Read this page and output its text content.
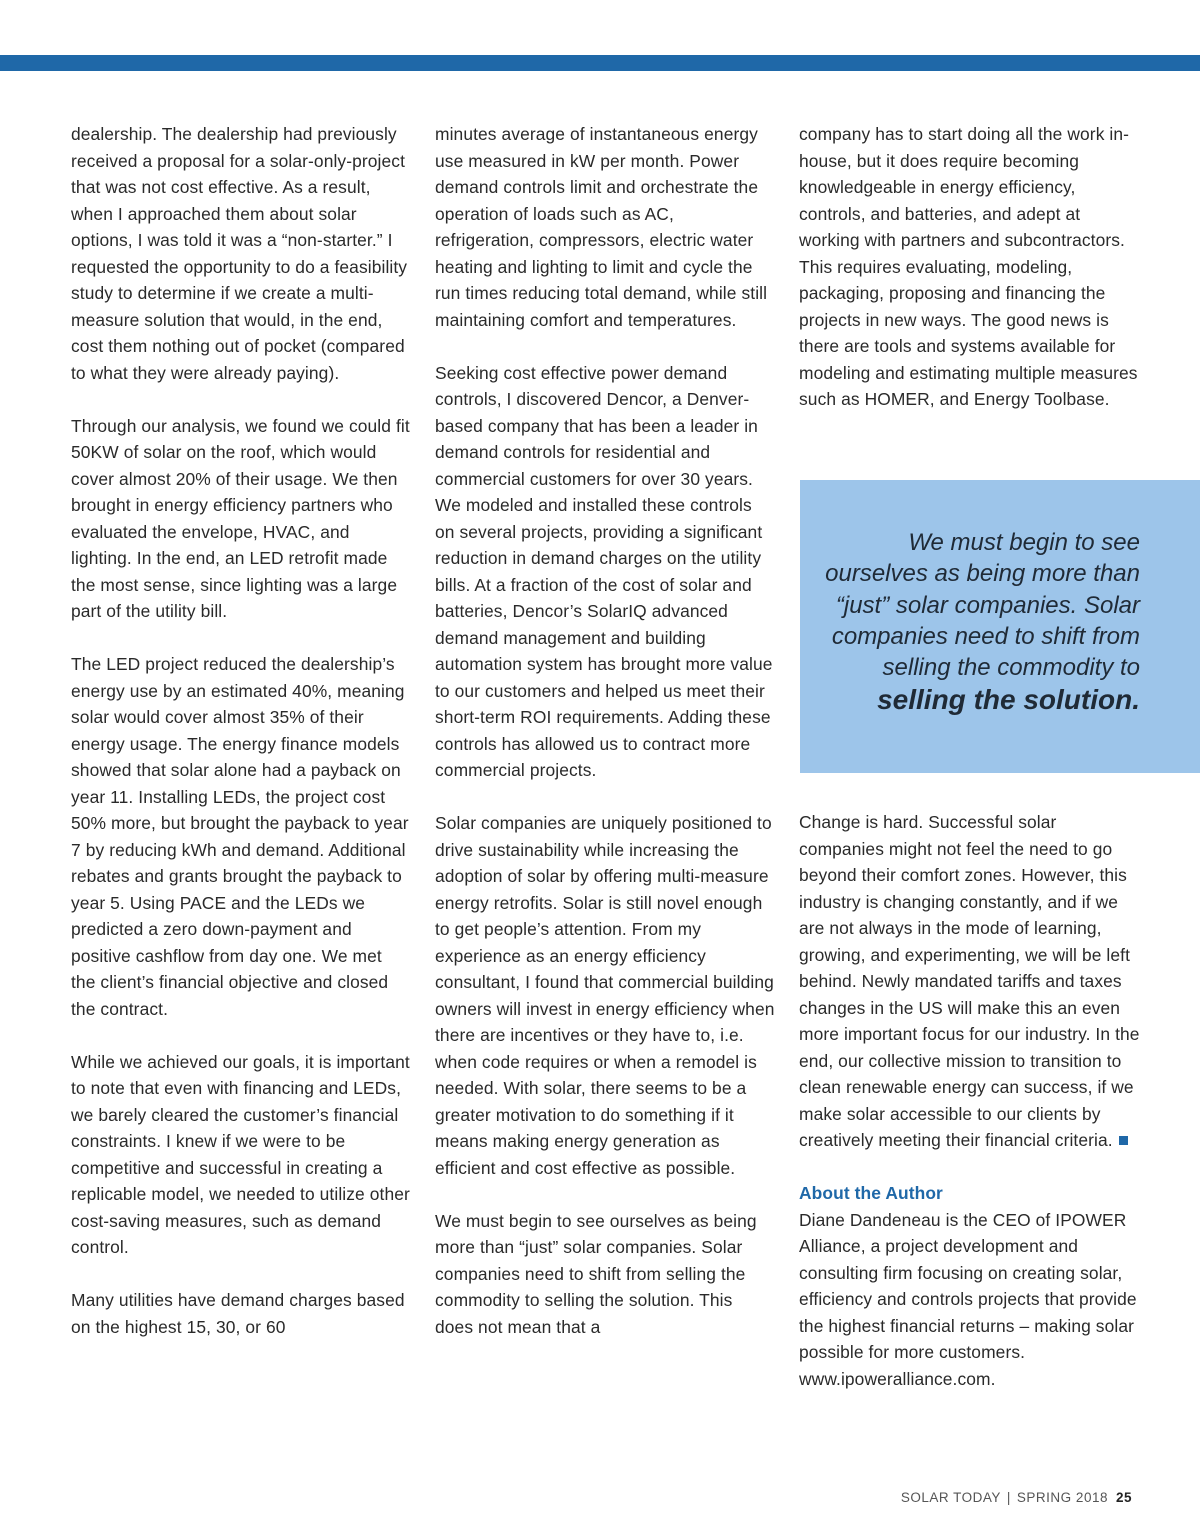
dealership. The dealership had previously received a proposal for a solar-only-project that was not cost effective. As a result, when I approached them about solar options, I was told it was a “non-starter.” I requested the opportunity to do a feasibility study to determine if we create a multi-measure solution that would, in the end, cost them nothing out of pocket (compared to what they were already paying).

Through our analysis, we found we could fit 50KW of solar on the roof, which would cover almost 20% of their usage. We then brought in energy efficiency partners who evaluated the envelope, HVAC, and lighting. In the end, an LED retrofit made the most sense, since lighting was a large part of the utility bill.

The LED project reduced the dealership’s energy use by an estimated 40%, meaning solar would cover almost 35% of their energy usage. The energy finance models showed that solar alone had a payback on year 11. Installing LEDs, the project cost 50% more, but brought the payback to year 7 by reducing kWh and demand. Additional rebates and grants brought the payback to year 5. Using PACE and the LEDs we predicted a zero down-payment and positive cashflow from day one. We met the client’s financial objective and closed the contract.

While we achieved our goals, it is important to note that even with financing and LEDs, we barely cleared the customer’s financial constraints. I knew if we were to be competitive and successful in creating a replicable model, we needed to utilize other cost-saving measures, such as demand control.

Many utilities have demand charges based on the highest 15, 30, or 60

minutes average of instantaneous energy use measured in kW per month. Power demand controls limit and orchestrate the operation of loads such as AC, refrigeration, compressors, electric water heating and lighting to limit and cycle the run times reducing total demand, while still maintaining comfort and temperatures.

Seeking cost effective power demand controls, I discovered Dencor, a Denver-based company that has been a leader in demand controls for residential and commercial customers for over 30 years. We modeled and installed these controls on several projects, providing a significant reduction in demand charges on the utility bills. At a fraction of the cost of solar and batteries, Dencor’s SolarIQ advanced demand management and building automation system has brought more value to our customers and helped us meet their short-term ROI requirements. Adding these controls has allowed us to contract more commercial projects.

Solar companies are uniquely positioned to drive sustainability while increasing the adoption of solar by offering multi-measure energy retrofits. Solar is still novel enough to get people’s attention. From my experience as an energy efficiency consultant, I found that commercial building owners will invest in energy efficiency when there are incentives or they have to, i.e. when code requires or when a remodel is needed. With solar, there seems to be a greater motivation to do something if it means making energy generation as efficient and cost effective as possible.

We must begin to see ourselves as being more than “just” solar companies. Solar companies need to shift from selling the commodity to selling the solution. This does not mean that a

company has to start doing all the work in-house, but it does require becoming knowledgeable in energy efficiency, controls, and batteries, and adept at working with partners and subcontractors. This requires evaluating, modeling, packaging, proposing and financing the projects in new ways. The good news is there are tools and systems available for modeling and estimating multiple measures such as HOMER, and Energy Toolbase.

We must begin to see ourselves as being more than “just” solar companies. Solar companies need to shift from selling the commodity to
selling the solution.

Change is hard. Successful solar companies might not feel the need to go beyond their comfort zones. However, this industry is changing constantly, and if we are not always in the mode of learning, growing, and experimenting, we will be left behind. Newly mandated tariffs and taxes changes in the US will make this an even more important focus for our industry. In the end, our collective mission to transition to clean renewable energy can success, if we make solar accessible to our clients by creatively meeting their financial criteria.

About the Author
Diane Dandeneau is the CEO of IPOWER Alliance, a project development and consulting firm focusing on creating solar, efficiency and controls projects that provide the highest financial returns – making solar possible for more customers. www.ipoweralliance.com.
SOLAR TODAY | SPRING 2018 25
